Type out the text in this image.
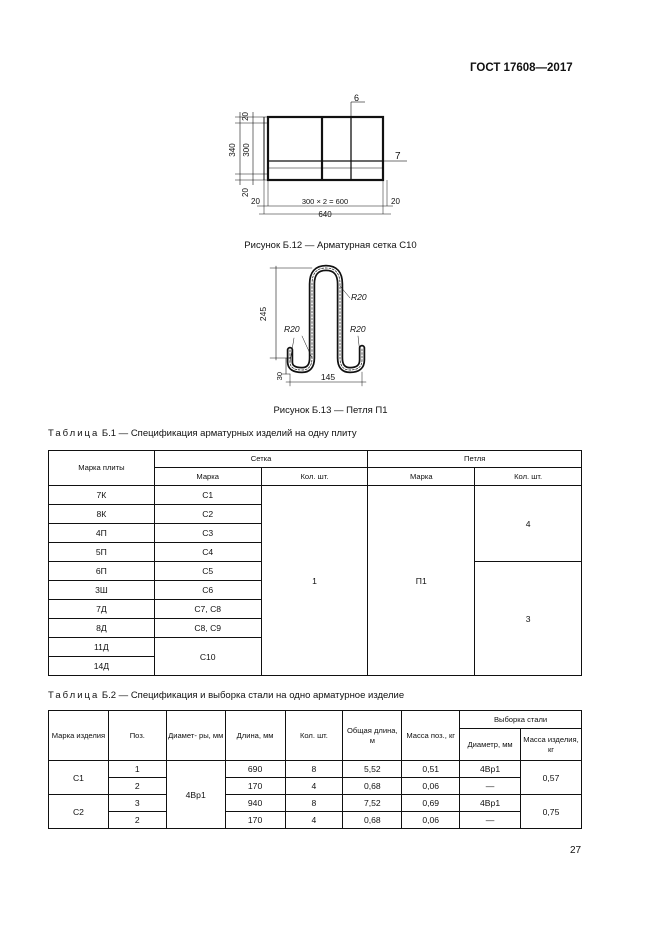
ГОСТ 17608—2017
20
340 300
20
20	300 × 2 = 600	20
640
6
7
Рисунок Б.12 — Арматурная сетка С10
245
R20
R20	R20
30	145
Рисунок Б.13 — Петля П1
Таблица Б.1 — Спецификация арматурных изделий на одну плиту
Марка плиты	Сетка		Петля	
	Марка	Кол. шт.	Марка	Кол. шт.
7К	С1	1	П1	4
8К	С2			
4П	С3			
5П	С4			
6П	С5			3
3Ш	С6			
7Д	С7, С8			
8Д	С8, С9			
11Д	С10			
14Д				
Таблица Б.2 — Спецификация и выборка стали на одно арматурное изделие
Марка изделия	Поз.	Диамет- ры, мм	Длина, мм	Кол. шт.	Общая длина, м	Масса поз., кг	Выборка стали	
							Диаметр, мм	Масса изделия, кг
С1	1	4Вр1	690	8	5,52	0,51	4Вр1	0,57
	2		170	4	0,68	0,06	—	
С2	3		940	8	7,52	0,69	4Вр1	0,75
	2		170	4	0,68	0,06	—	
27
